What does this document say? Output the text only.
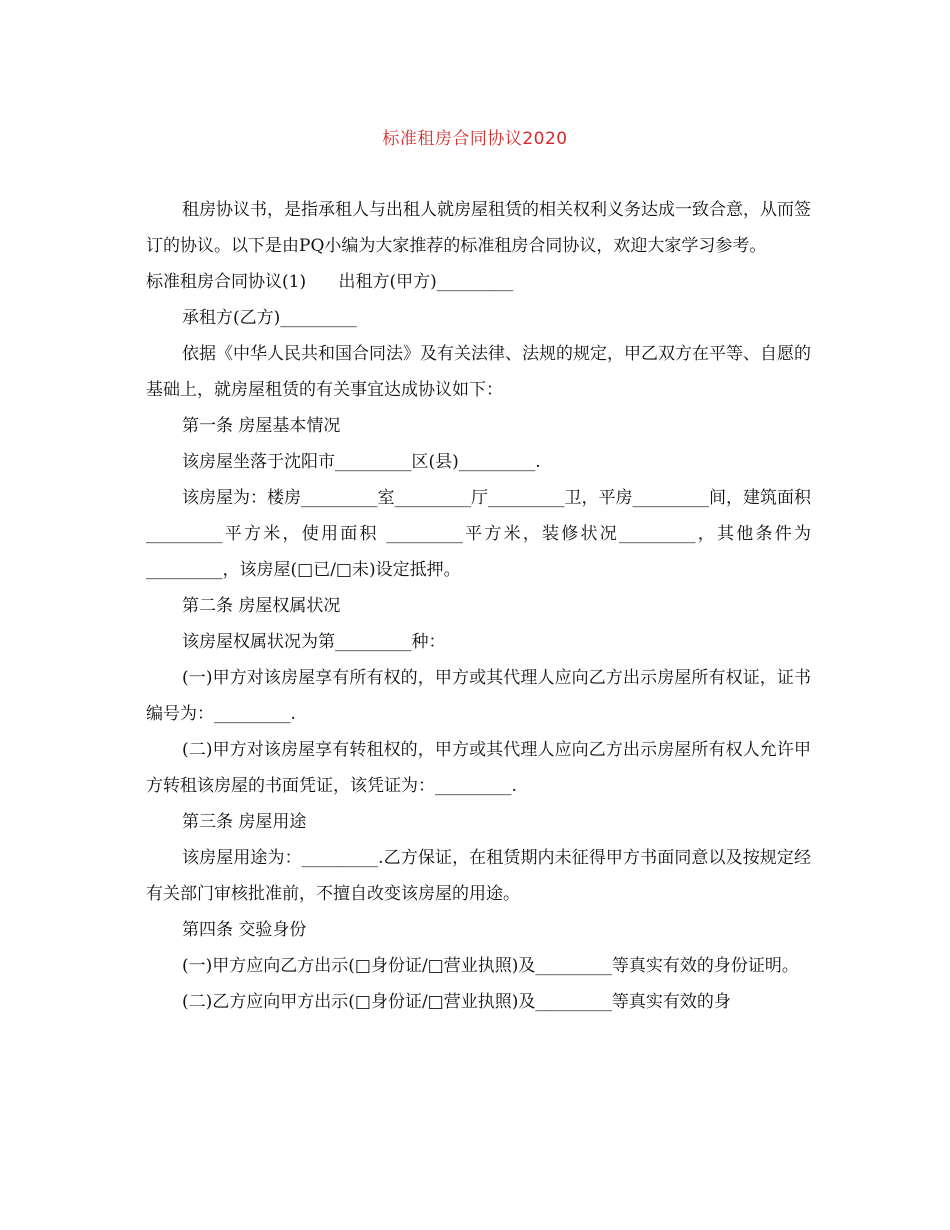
标准租房合同协议2020

租房协议书，是指承租人与出租人就房屋租赁的相关权利义务达成一致合意，从而签订的协议。以下是由PQ小编为大家推荐的标准租房合同协议，欢迎大家学习参考。

标准租房合同协议(1)      出租方(甲方)_________

承租方(乙方)_________

依据《中华人民共和国合同法》及有关法律、法规的规定，甲乙双方在平等、自愿的基础上，就房屋租赁的有关事宜达成协议如下：

第一条 房屋基本情况

该房屋坐落于沈阳市_________区(县)_________.

该房屋为：楼房_________室_________厅_________卫，平房_________间，建筑面积_________平方米，使用面积 _________平方米，装修状况_________，其他条件为_________，该房屋(□已/□未)设定抵押。

第二条 房屋权属状况

该房屋权属状况为第_________种：

(一)甲方对该房屋享有所有权的，甲方或其代理人应向乙方出示房屋所有权证，证书编号为：_________.

(二)甲方对该房屋享有转租权的，甲方或其代理人应向乙方出示房屋所有权人允许甲方转租该房屋的书面凭证，该凭证为：_________.

第三条 房屋用途

该房屋用途为：_________.乙方保证，在租赁期内未征得甲方书面同意以及按规定经有关部门审核批准前，不擅自改变该房屋的用途。

第四条 交验身份

(一)甲方应向乙方出示(□身份证/□营业执照)及_________等真实有效的身份证明。

(二)乙方应向甲方出示(□身份证/□营业执照)及_________等真实有效的身
